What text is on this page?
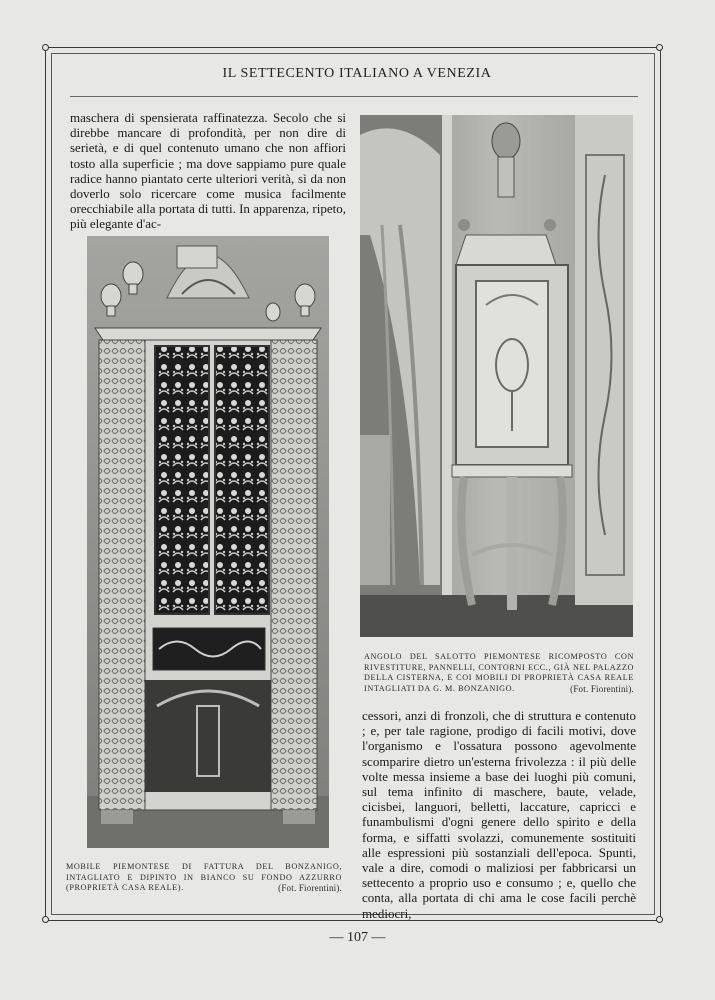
IL SETTECENTO ITALIANO A VENEZIA

maschera di spensierata raffinatezza. Secolo che si direbbe mancare di profondità, per non dire di serietà, e di quel contenuto umano che non affiori tosto alla superficie ; ma dove sappiamo pure quale radice hanno piantato certe ulteriori verità, sì da non doverlo solo ricercare come musica facilmente orecchiabile alla portata di tutti. In apparenza, ripeto, più elegante d'ac-

MOBILE PIEMONTESE DI FATTURA DEL BONZANIGO, INTAGLIATO E DIPINTO IN BIANCO SU FONDO AZZURRO (PROPRIETÀ CASA REALE).	(Fot. Fiorentini).
ANGOLO DEL SALOTTO PIEMONTESE RICOMPOSTO CON RIVESTITURE, PANNELLI, CONTORNI ECC., GIÀ NEL PALAZZO DELLA CISTERNA, E COI MOBILI DI PROPRIETÀ CASA REALE INTAGLIATI DA G. M. BONZANIGO.	(Fot. Fiorentini).

cessori, anzi di fronzoli, che di struttura e contenuto ; e, per tale ragione, prodigo di facili motivi, dove l'organismo e l'ossatura possono agevolmente scomparire dietro un'esterna frivolezza : il più delle volte messa insieme a base dei luoghi più comuni, sul tema infinito di maschere, baute, velade, cicisbei, languori, belletti, laccature, capricci e funambulismi d'ogni genere dello spirito e della forma, e siffatti svolazzi, comunemente sostituiti alle espressioni più sostanziali dell'epoca. Spunti, vale a dire, comodi o maliziosi per fabbricarsi un settecento a proprio uso e consumo ; e, quello che conta, alla portata di chi ama le cose facili perchè mediocri,

— 107 —
